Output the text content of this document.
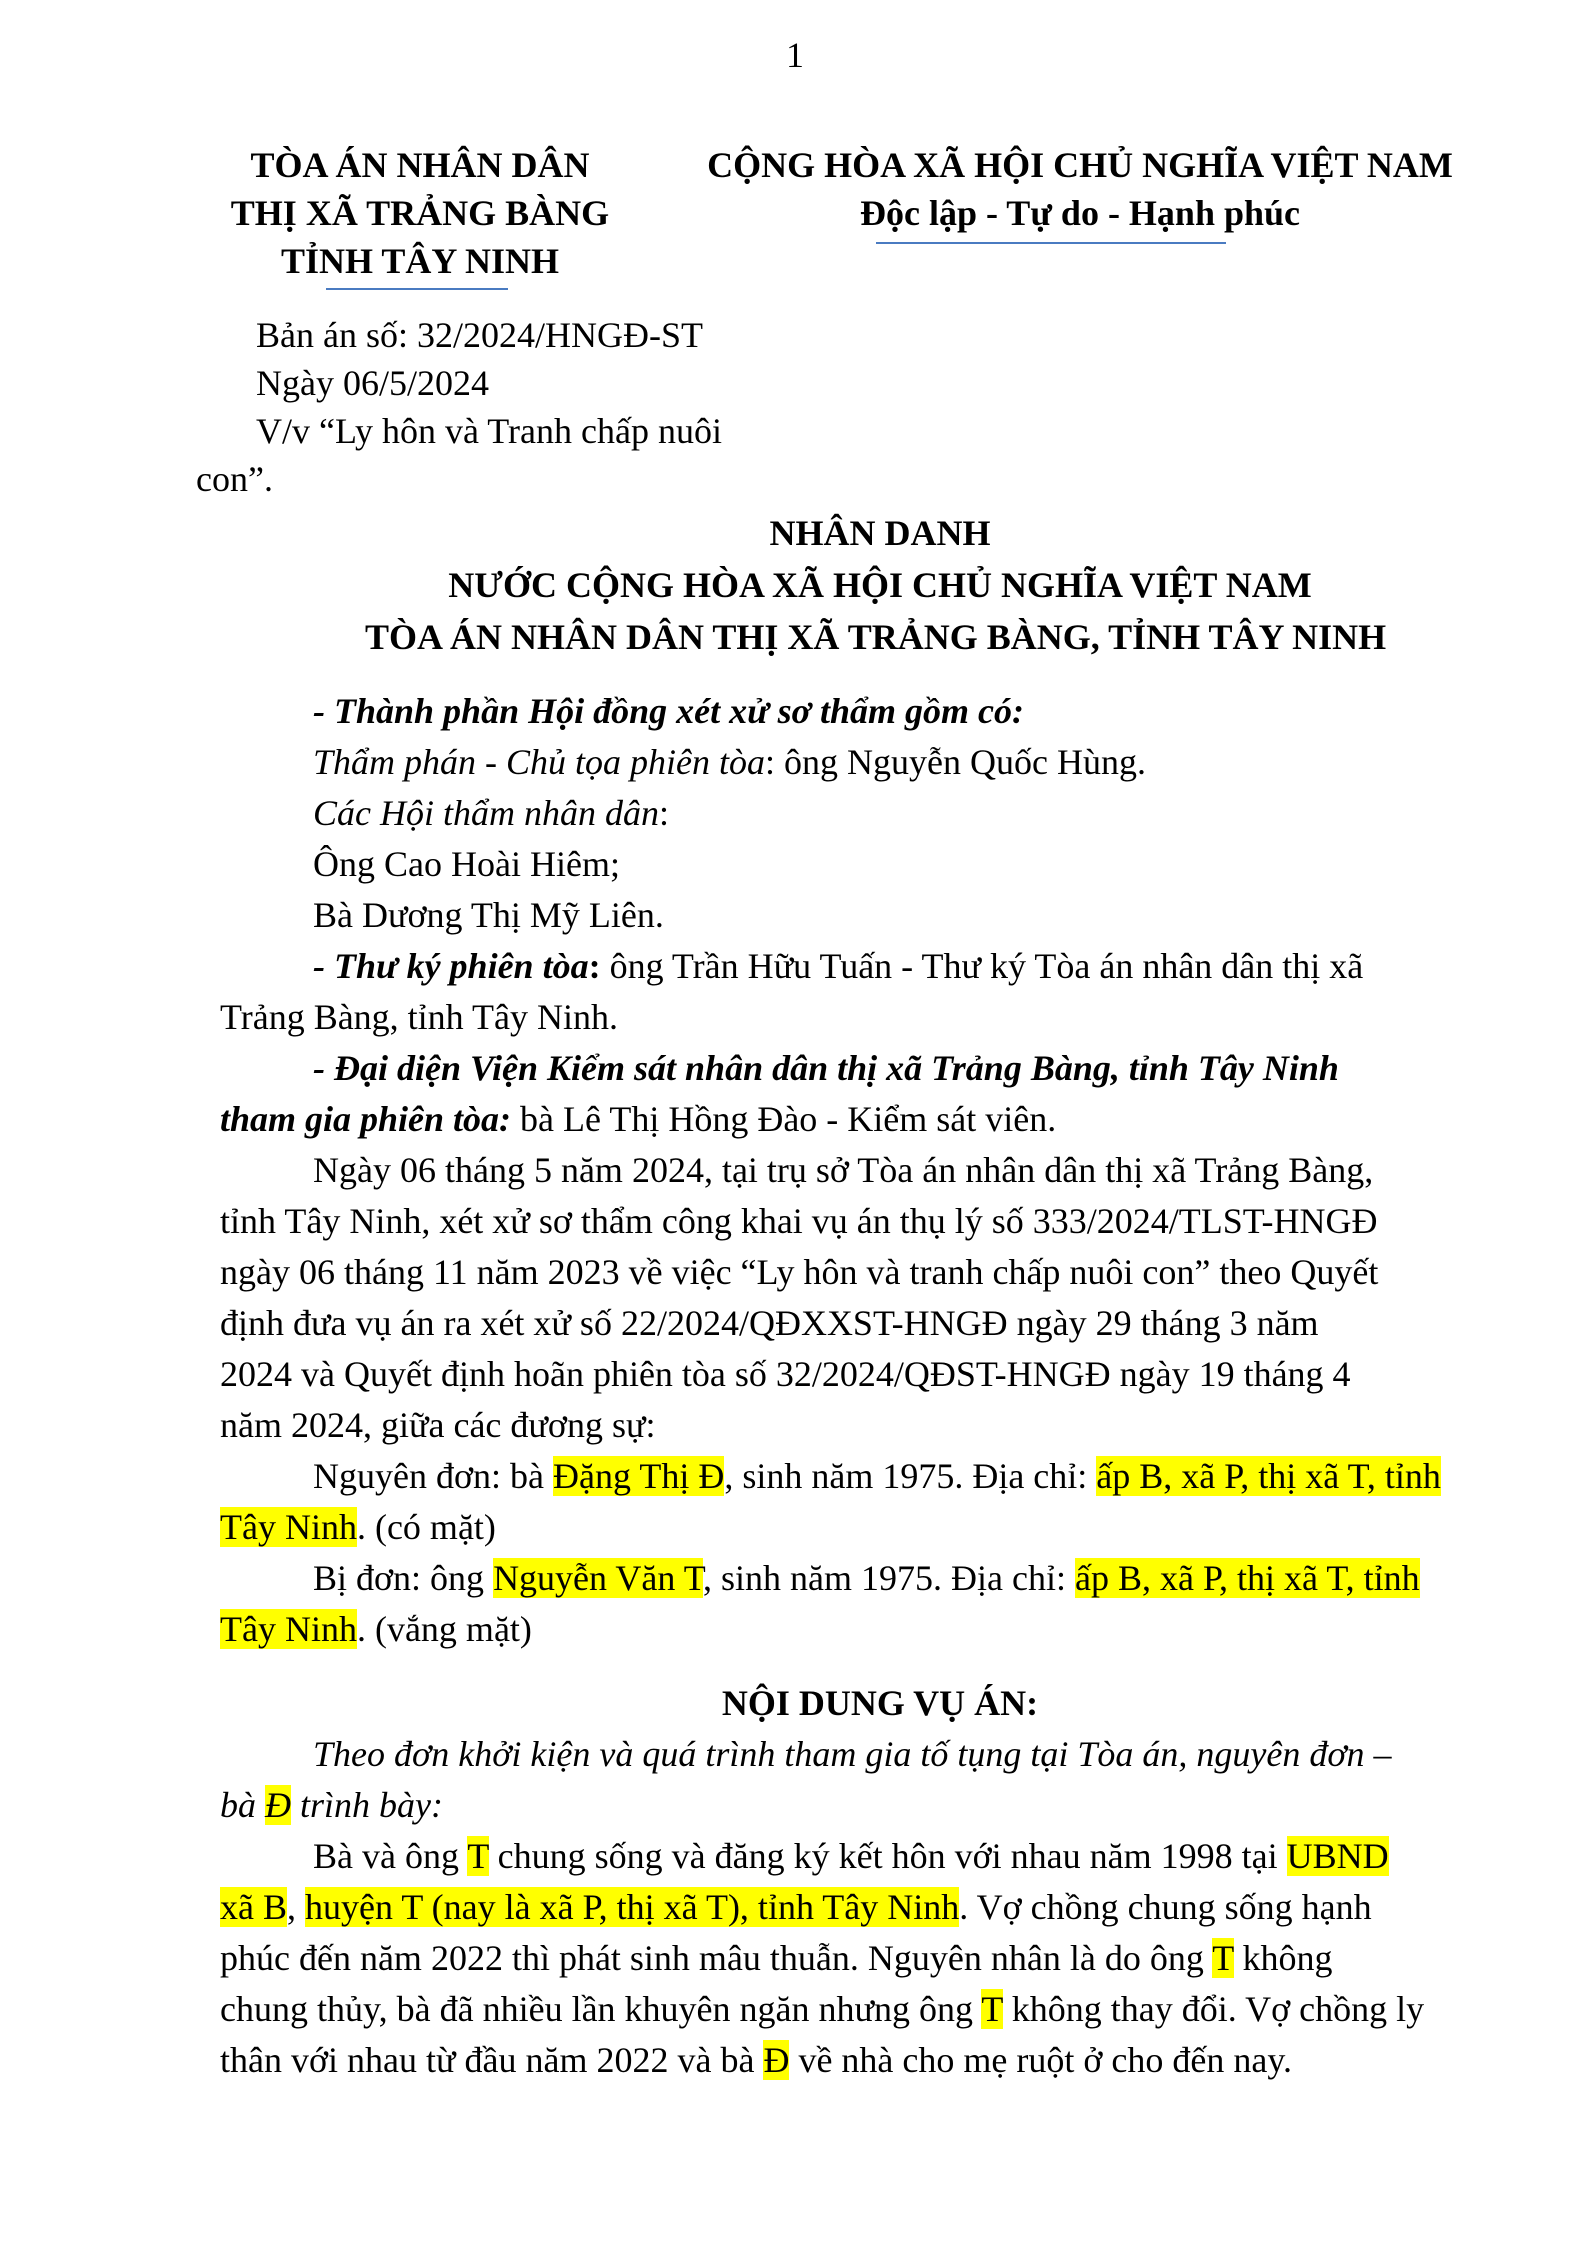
1
TÒA ÁN NHÂN DÂN
THỊ XÃ TRẢNG BÀNG
TỈNH TÂY NINH
CỘNG HÒA XÃ HỘI CHỦ NGHĨA VIỆT NAM
Độc lập - Tự do - Hạnh phúc
Bản án số: 32/2024/HNGĐ-ST
Ngày 06/5/2024
V/v “Ly hôn và Tranh chấp nuôi
con”.
NHÂN DANH
NƯỚC CỘNG HÒA XÃ HỘI CHỦ NGHĨA VIỆT NAM
TÒA ÁN NHÂN DÂN THỊ XÃ TRẢNG BÀNG, TỈNH TÂY NINH
- Thành phần Hội đồng xét xử sơ thẩm gồm có:
Thẩm phán - Chủ tọa phiên tòa: ông Nguyễn Quốc Hùng.
Các Hội thẩm nhân dân:
Ông Cao Hoài Hiêm;
Bà Dương Thị Mỹ Liên.
- Thư ký phiên tòa: ông Trần Hữu Tuấn - Thư ký Tòa án nhân dân thị xã
Trảng Bàng, tỉnh Tây Ninh.
- Đại diện Viện Kiểm sát nhân dân thị xã Trảng Bàng, tỉnh Tây Ninh
tham gia phiên tòa: bà Lê Thị Hồng Đào - Kiểm sát viên.
Ngày 06 tháng 5 năm 2024, tại trụ sở Tòa án nhân dân thị xã Trảng Bàng,
tỉnh Tây Ninh, xét xử sơ thẩm công khai vụ án thụ lý số 333/2024/TLST-HNGĐ
ngày 06 tháng 11 năm 2023 về việc “Ly hôn và tranh chấp nuôi con” theo Quyết
định đưa vụ án ra xét xử số 22/2024/QĐXXST-HNGĐ ngày 29 tháng 3 năm
2024 và Quyết định hoãn phiên tòa số 32/2024/QĐST-HNGĐ ngày 19 tháng 4
năm 2024, giữa các đương sự:
Nguyên đơn: bà Đặng Thị Đ, sinh năm 1975. Địa chỉ: ấp B, xã P, thị xã T, tỉnh
Tây Ninh. (có mặt)
Bị đơn: ông Nguyễn Văn T, sinh năm 1975. Địa chỉ: ấp B, xã P, thị xã T, tỉnh
Tây Ninh. (vắng mặt)
NỘI DUNG VỤ ÁN:
Theo đơn khởi kiện và quá trình tham gia tố tụng tại Tòa án, nguyên đơn –
bà Đ trình bày:
Bà và ông T chung sống và đăng ký kết hôn với nhau năm 1998 tại UBND
xã B, huyện T (nay là xã P, thị xã T), tỉnh Tây Ninh. Vợ chồng chung sống hạnh
phúc đến năm 2022 thì phát sinh mâu thuẫn. Nguyên nhân là do ông T không
chung thủy, bà đã nhiều lần khuyên ngăn nhưng ông T không thay đổi. Vợ chồng ly
thân với nhau từ đầu năm 2022 và bà Đ về nhà cho mẹ ruột ở cho đến nay.
